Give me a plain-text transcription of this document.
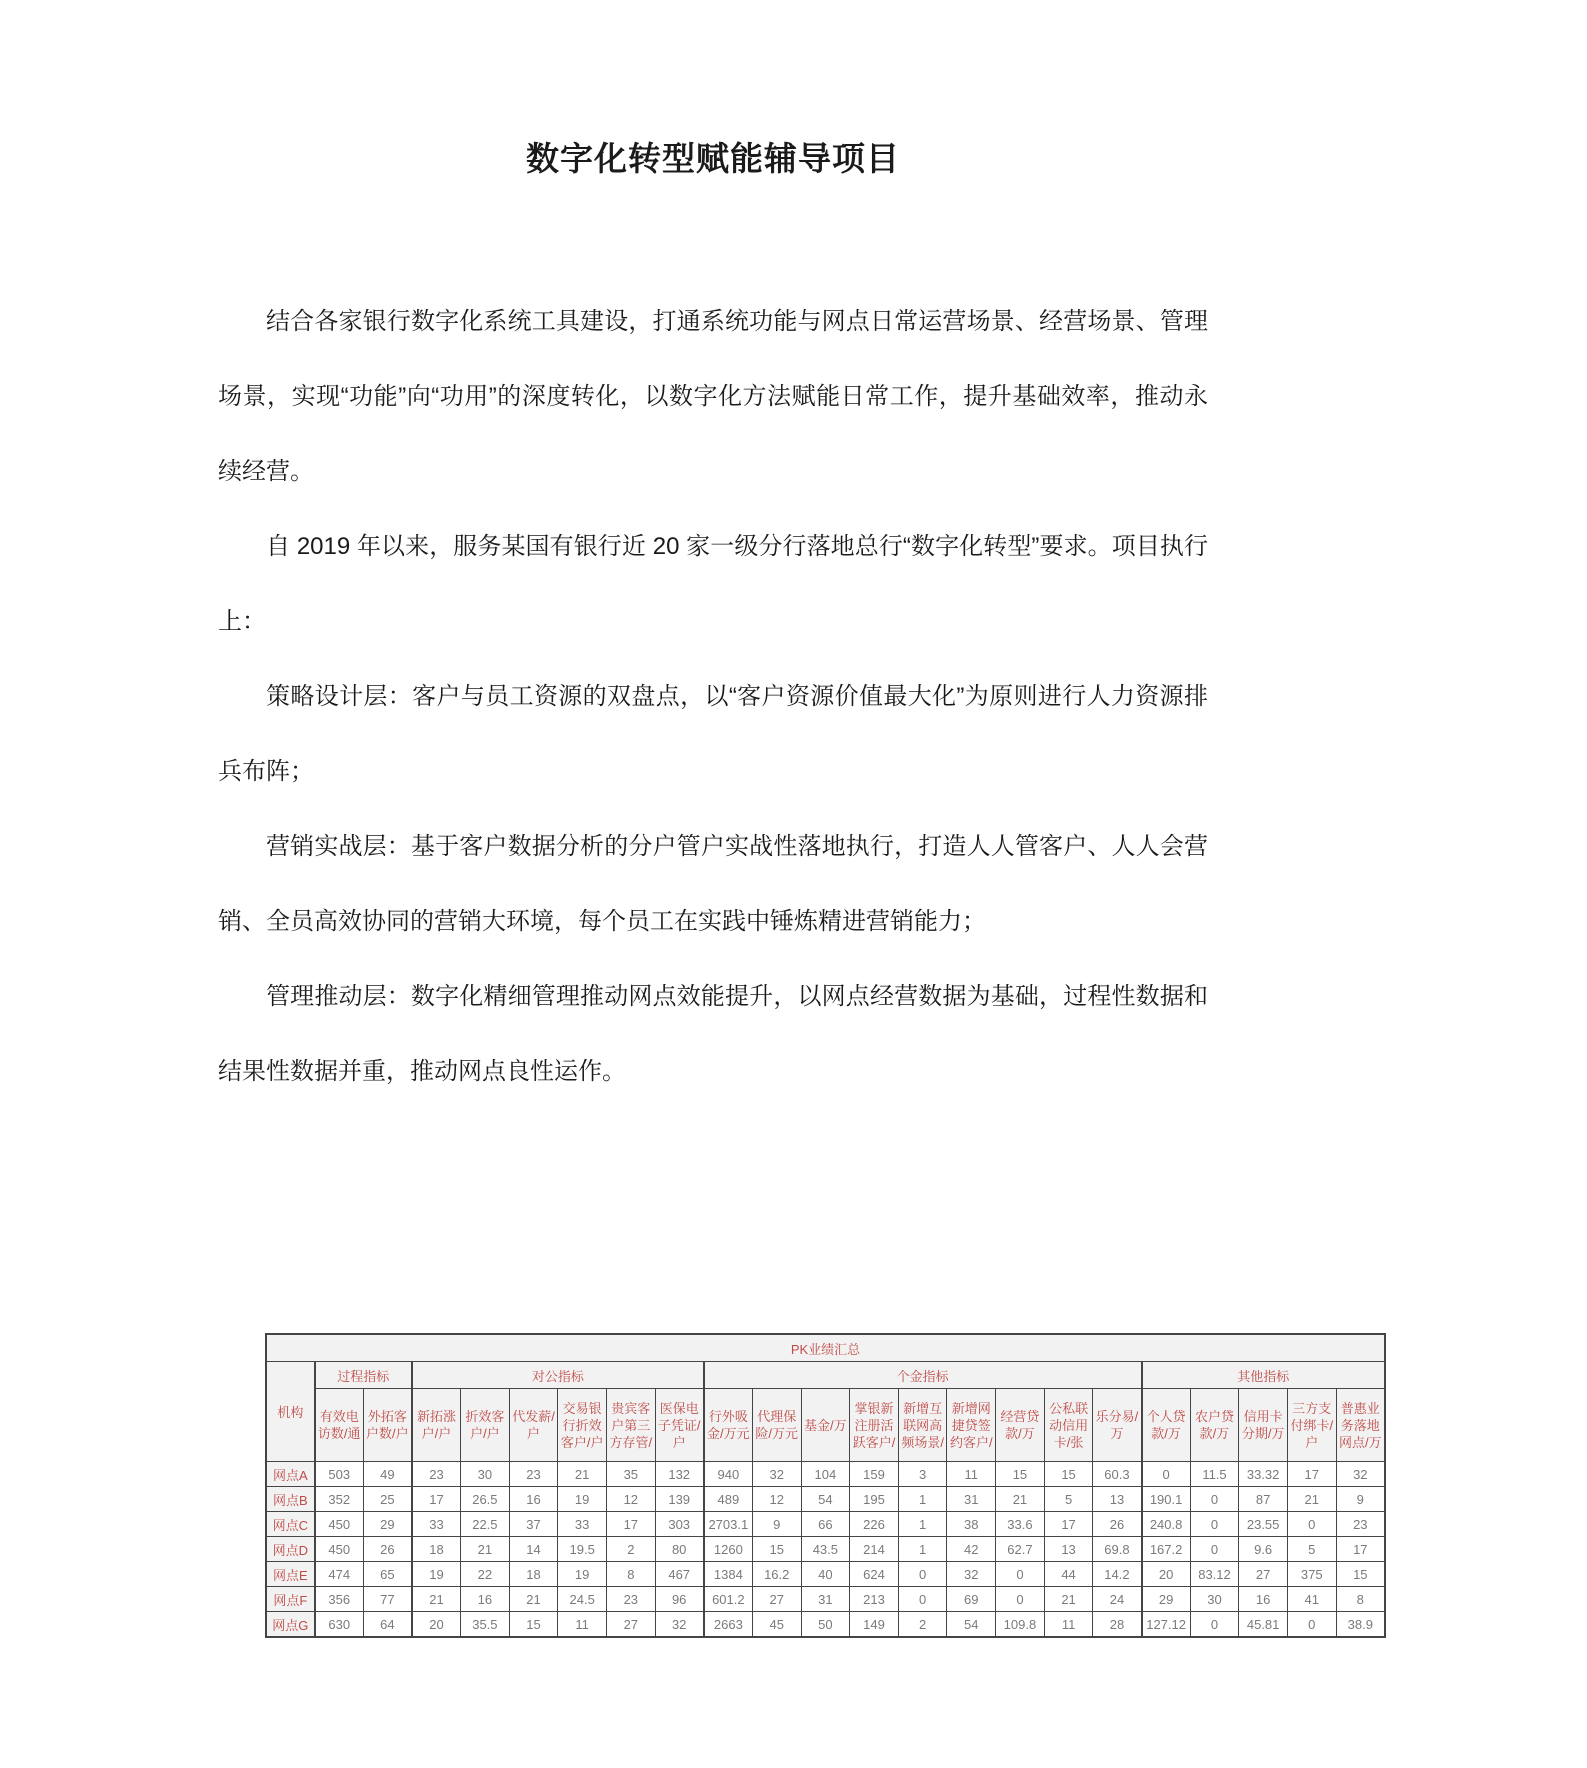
数字化转型赋能辅导项目

结合各家银行数字化系统工具建设，打通系统功能与网点日常运营场景、经营场景、管理场景，实现“功能”向“功用”的深度转化，以数字化方法赋能日常工作，提升基础效率，推动永续经营。

自 2019 年以来，服务某国有银行近 20 家一级分行落地总行“数字化转型”要求。项目执行上：

策略设计层：客户与员工资源的双盘点，以“客户资源价值最大化”为原则进行人力资源排兵布阵；

营销实战层：基于客户数据分析的分户管户实战性落地执行，打造人人管客户、人人会营销、全员高效协同的营销大环境，每个员工在实践中锤炼精进营销能力；

管理推动层：数字化精细管理推动网点效能提升，以网点经营数据为基础，过程性数据和结果性数据并重，推动网点良性运作。

PK业绩汇总																						
机构	过程指标		对公指标						个金指标									其他指标				
	有效电访数/通	外拓客户数/户	新拓涨户/户	折效客户/户	代发薪/户	交易银行折效客户/户	贵宾客户第三方存管/	医保电子凭证/户	行外吸金/万元	代理保险/万元	基金/万	掌银新注册活跃客户/	新增互联网高频场景/	新增网捷贷签约客户/	经营贷款/万	公私联动信用卡/张	乐分易/万	个人贷款/万	农户贷款/万	信用卡分期/万	三方支付绑卡/户	普惠业务落地网点/万
网点A	503	49	23	30	23	21	35	132	940	32	104	159	3	11	15	15	60.3	0	11.5	33.32	17	32
网点B	352	25	17	26.5	16	19	12	139	489	12	54	195	1	31	21	5	13	190.1	0	87	21	9
网点C	450	29	33	22.5	37	33	17	303	2703.1	9	66	226	1	38	33.6	17	26	240.8	0	23.55	0	23
网点D	450	26	18	21	14	19.5	2	80	1260	15	43.5	214	1	42	62.7	13	69.8	167.2	0	9.6	5	17
网点E	474	65	19	22	18	19	8	467	1384	16.2	40	624	0	32	0	44	14.2	20	83.12	27	375	15
网点F	356	77	21	16	21	24.5	23	96	601.2	27	31	213	0	69	0	21	24	29	30	16	41	8
网点G	630	64	20	35.5	15	11	27	32	2663	45	50	149	2	54	109.8	11	28	127.12	0	45.81	0	38.9
